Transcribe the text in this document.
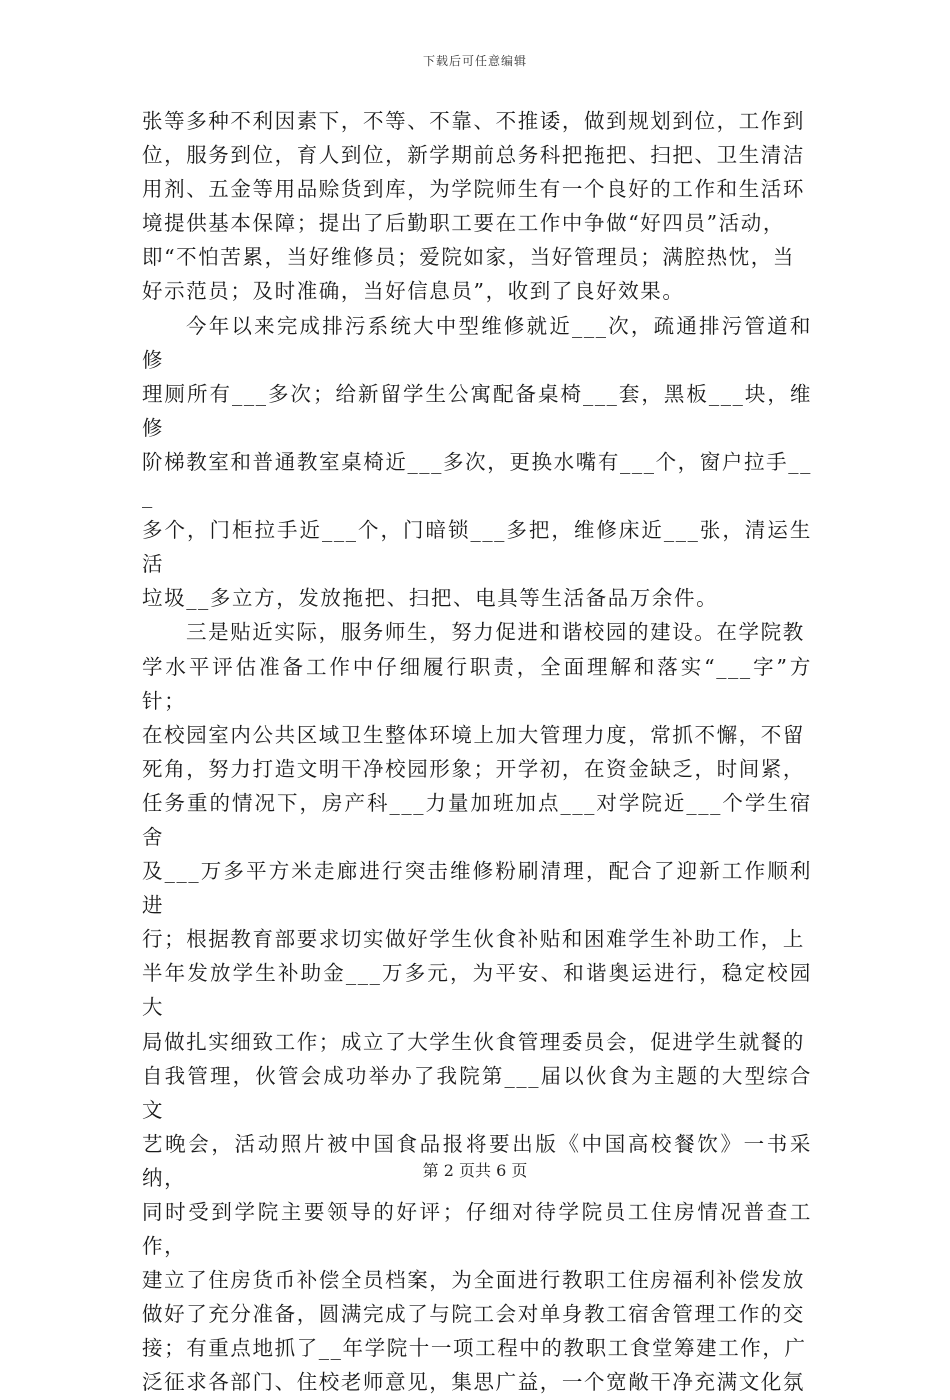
下载后可任意编辑

张等多种不利因素下，不等、不靠、不推诿，做到规划到位，工作到
位，服务到位，育人到位，新学期前总务科把拖把、扫把、卫生清洁
用剂、五金等用品赊货到库，为学院师生有一个良好的工作和生活环
境提供基本保障；提出了后勤职工要在工作中争做“好四员”活动，
即“不怕苦累，当好维修员；爱院如家，当好管理员；满腔热忱，当
好示范员；及时准确，当好信息员”，收到了良好效果。

今年以来完成排污系统大中型维修就近___次，疏通排污管道和修
理厕所有___多次；给新留学生公寓配备桌椅___套，黑板___块，维修
阶梯教室和普通教室桌椅近___多次，更换水嘴有___个，窗户拉手___
多个，门柜拉手近___个，门暗锁___多把，维修床近___张，清运生活
垃圾__多立方，发放拖把、扫把、电具等生活备品万余件。

三是贴近实际，服务师生，努力促进和谐校园的建设。在学院教
学水平评估准备工作中仔细履行职责，全面理解和落实“___字”方针；
在校园室内公共区域卫生整体环境上加大管理力度，常抓不懈，不留
死角，努力打造文明干净校园形象；开学初，在资金缺乏，时间紧，
任务重的情况下，房产科___力量加班加点___对学院近___个学生宿舍
及___万多平方米走廊进行突击维修粉刷清理，配合了迎新工作顺利进
行；根据教育部要求切实做好学生伙食补贴和困难学生补助工作，上
半年发放学生补助金___万多元，为平安、和谐奥运进行，稳定校园大
局做扎实细致工作；成立了大学生伙食管理委员会，促进学生就餐的
自我管理，伙管会成功举办了我院第___届以伙食为主题的大型综合文
艺晚会，活动照片被中国食品报将要出版《中国高校餐饮》一书采纳，
同时受到学院主要领导的好评；仔细对待学院员工住房情况普查工作，
建立了住房货币补偿全员档案，为全面进行教职工住房福利补偿发放
做好了充分准备，圆满完成了与院工会对单身教工宿舍管理工作的交
接；有重点地抓了__年学院十一项工程中的教职工食堂筹建工作，广
泛征求各部门、住校老师意见，集思广益，一个宽敞干净充满文化氛

第 2 页共 6 页
